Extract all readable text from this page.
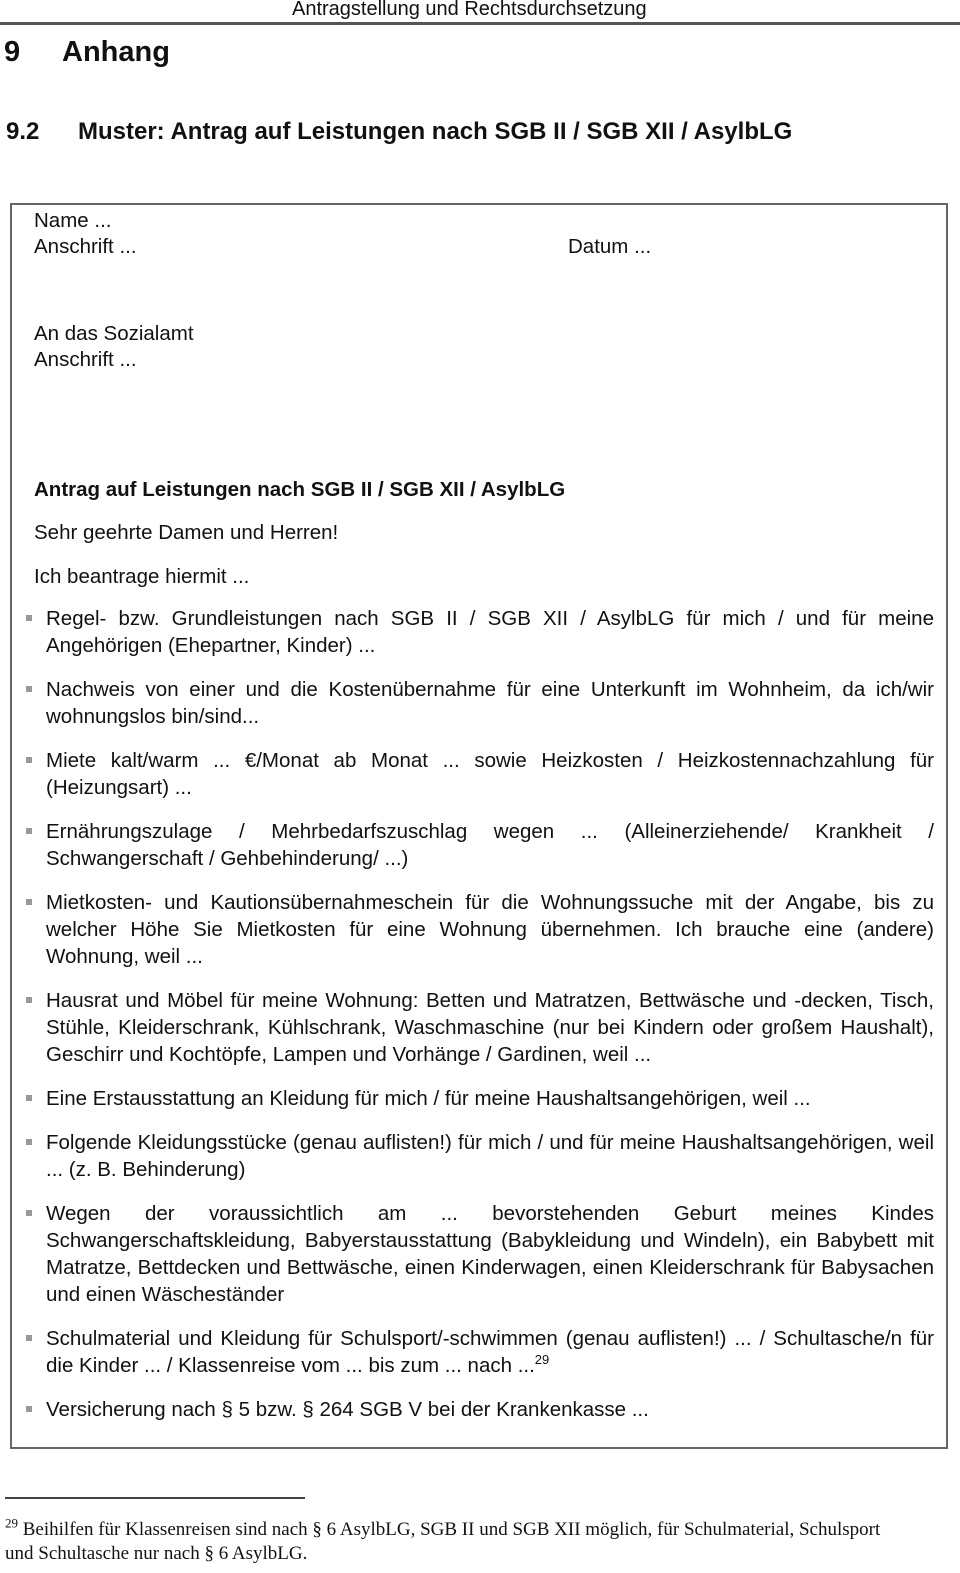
Antragstellung und Rechtsdurchsetzung
9 Anhang
9.2 Muster: Antrag auf Leistungen nach SGB II / SGB XII / AsylbLG
Name ...
Anschrift ...	Datum ...
An das Sozialamt
Anschrift ...
Antrag auf Leistungen nach SGB II / SGB XII / AsylbLG
Sehr geehrte Damen und Herren!
Ich beantrage hiermit ...
Regel- bzw. Grundleistungen nach SGB II / SGB XII / AsylbLG für mich / und für meine Angehörigen (Ehepartner, Kinder) ...
Nachweis von einer und die Kostenübernahme für eine Unterkunft im Wohnheim, da ich/wir wohnungslos bin/sind...
Miete kalt/warm ... €/Monat ab Monat ... sowie Heizkosten / Heizkostennachzahlung für (Heizungsart) ...
Ernährungszulage / Mehrbedarfszuschlag wegen ... (Alleinerziehende/ Krankheit / Schwangerschaft / Gehbehinderung/ ...)
Mietkosten- und Kautionsübernahmeschein für die Wohnungssuche mit der Angabe, bis zu welcher Höhe Sie Mietkosten für eine Wohnung übernehmen. Ich brauche eine (andere) Wohnung, weil ...
Hausrat und Möbel für meine Wohnung: Betten und Matratzen, Bettwäsche und -decken, Tisch, Stühle, Kleiderschrank, Kühlschrank, Waschmaschine (nur bei Kindern oder großem Haushalt), Geschirr und Kochtöpfe, Lampen und Vorhänge / Gardinen, weil ...
Eine Erstausstattung an Kleidung für mich / für meine Haushaltsangehörigen, weil ...
Folgende Kleidungsstücke (genau auflisten!) für mich / und für meine Haushaltsangehörigen, weil ... (z. B. Behinderung)
Wegen der voraussichtlich am ... bevorstehenden Geburt meines Kindes Schwangerschaftskleidung, Babyerstausstattung (Babykleidung und Windeln), ein Babybett mit Matratze, Bettdecken und Bettwäsche, einen Kinderwagen, einen Kleiderschrank für Babysachen und einen Wäscheständer
Schulmaterial und Kleidung für Schulsport/-schwimmen (genau auflisten!) ... / Schultasche/n für die Kinder ... / Klassenreise vom ... bis zum ... nach ...$^{29}$
Versicherung nach § 5 bzw. § 264 SGB V bei der Krankenkasse ...
$^{29}$ Beihilfen für Klassenreisen sind nach § 6 AsylbLG, SGB II und SGB XII möglich, für Schulmaterial, Schulsport und Schultasche nur nach § 6 AsylbLG.
